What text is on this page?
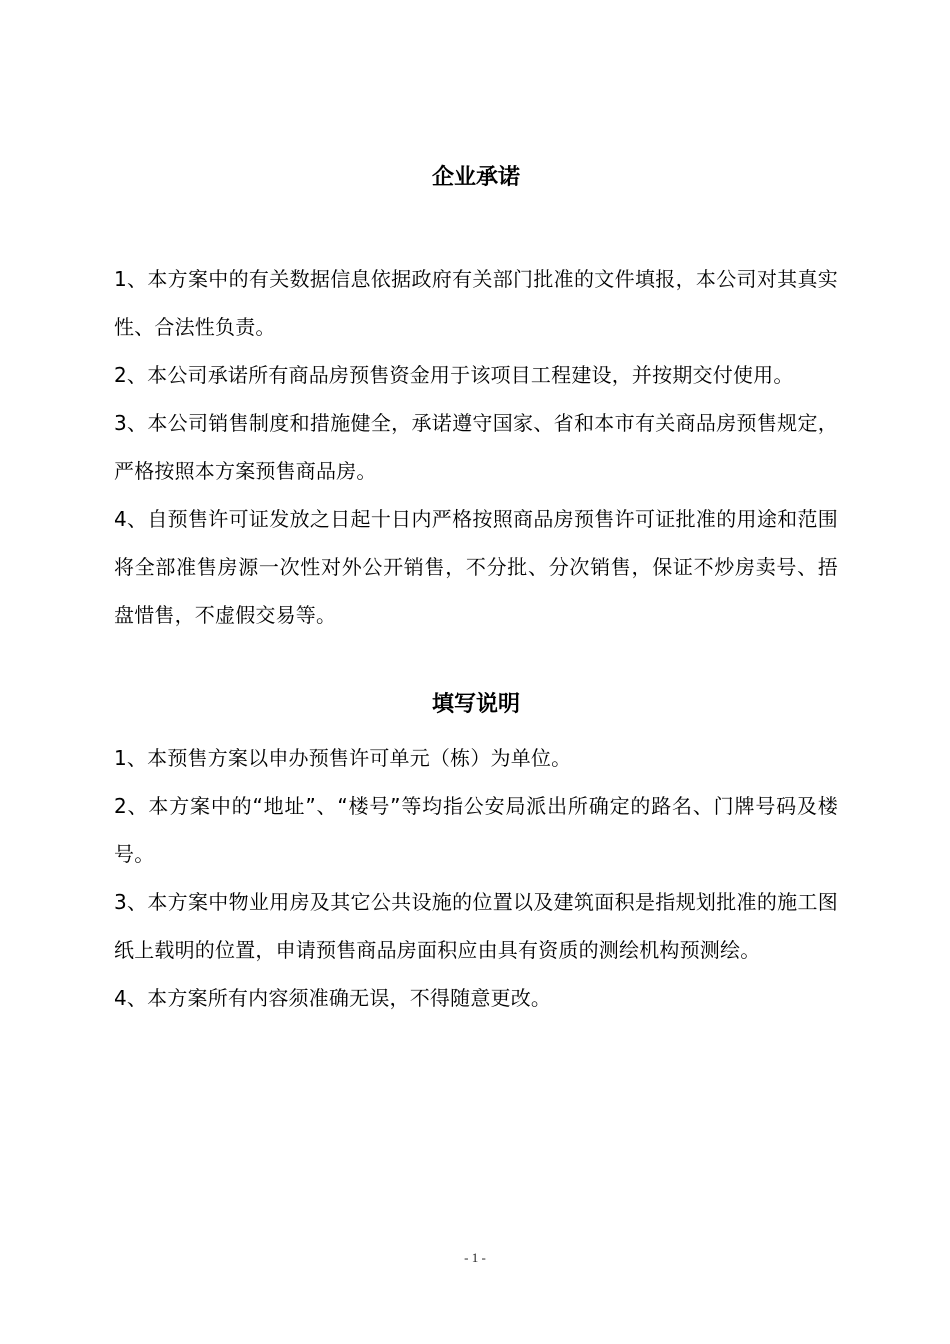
企业承诺

1、本方案中的有关数据信息依据政府有关部门批准的文件填报，本公司对其真实性、合法性负责。

2、本公司承诺所有商品房预售资金用于该项目工程建设，并按期交付使用。

3、本公司销售制度和措施健全，承诺遵守国家、省和本市有关商品房预售规定，严格按照本方案预售商品房。

4、自预售许可证发放之日起十日内严格按照商品房预售许可证批准的用途和范围将全部准售房源一次性对外公开销售，不分批、分次销售，保证不炒房卖号、捂盘惜售，不虚假交易等。

填写说明

1、本预售方案以申办预售许可单元（栋）为单位。

2、本方案中的“地址”、“楼号”等均指公安局派出所确定的路名、门牌号码及楼号。

3、本方案中物业用房及其它公共设施的位置以及建筑面积是指规划批准的施工图纸上载明的位置，申请预售商品房面积应由具有资质的测绘机构预测绘。

4、本方案所有内容须准确无误，不得随意更改。

- 1 -
